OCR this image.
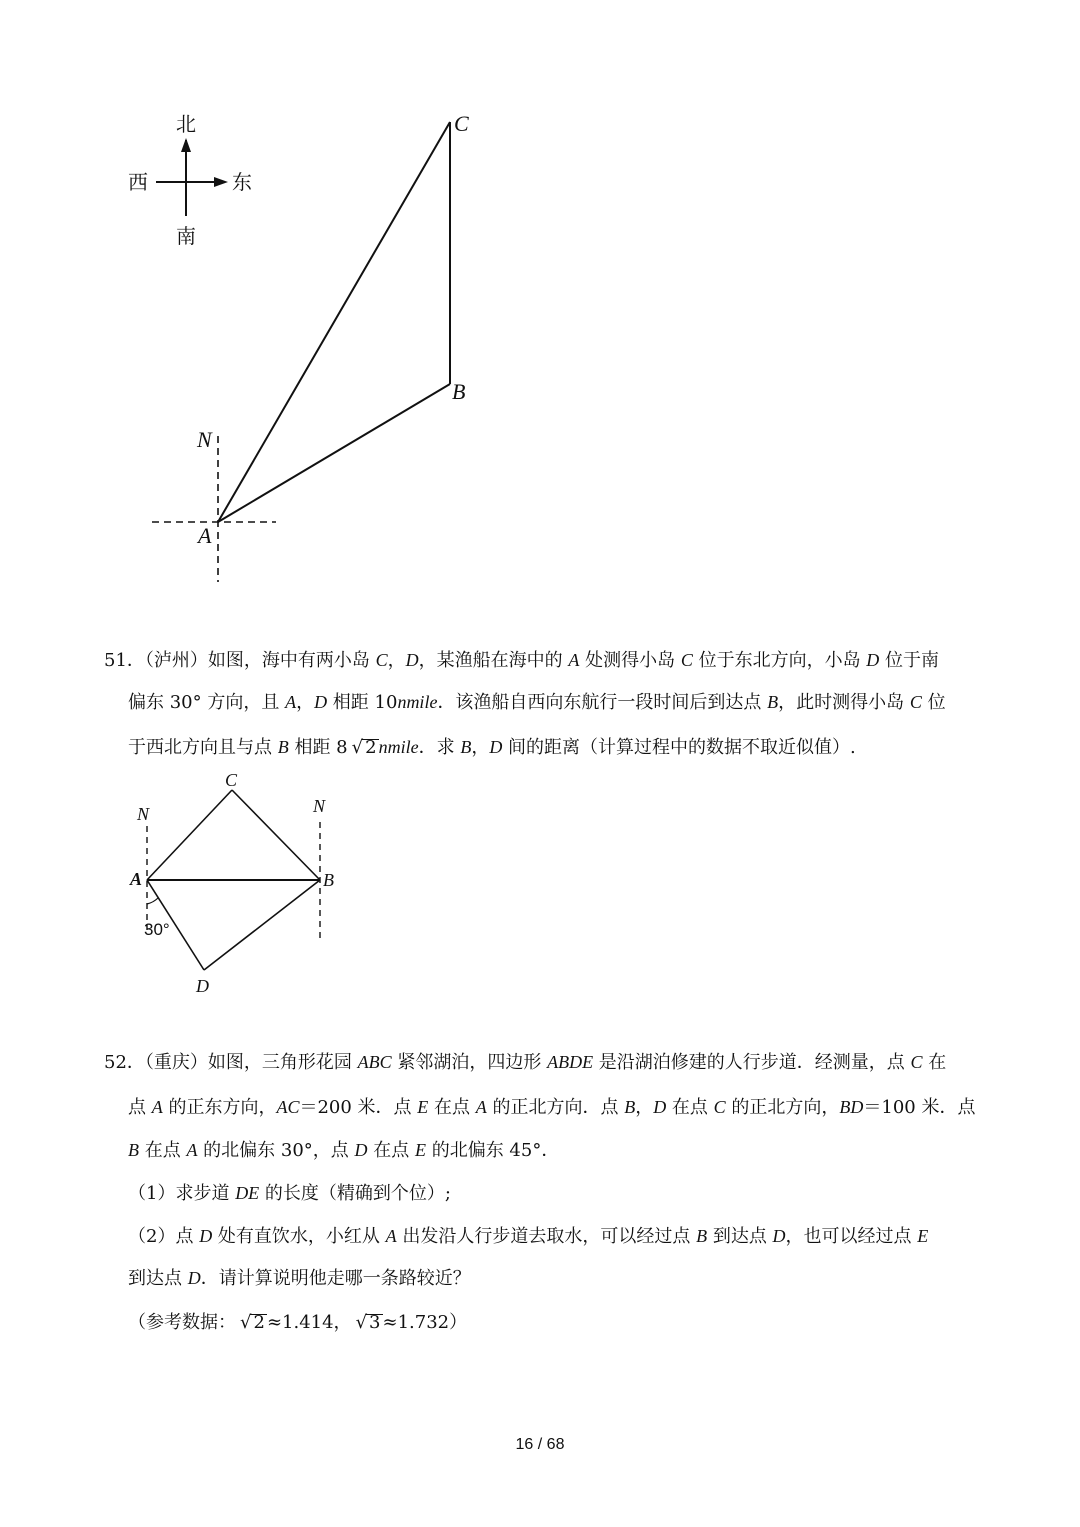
北
南
东
西
C
B
N
A
51．（泸州）如图，海中有两小岛 C，D，某渔船在海中的 A 处测得小岛 C 位于东北方向，小岛 D 位于南
偏东 30° 方向，且 A，D 相距 10nmile．该渔船自西向东航行一段时间后到达点 B，此时测得小岛 C 位
于西北方向且与点 B 相距 8 √ 2 nmile．求 B，D 间的距离（计算过程中的数据不取近似值）.
C
N	N
A	B
D
30°
52．（重庆）如图，三角形花园 ABC 紧邻湖泊，四边形 ABDE 是沿湖泊修建的人行步道．经测量，点 C 在
点 A 的正东方向，AC＝200 米．点 E 在点 A 的正北方向．点 B，D 在点 C 的正北方向，BD＝100 米．点
B 在点 A 的北偏东 30°，点 D 在点 E 的北偏东 45°．
（1）求步道 DE 的长度（精确到个位）;
（2）点 D 处有直饮水，小红从 A 出发沿人行步道去取水，可以经过点 B 到达点 D，也可以经过点 E
到达点 D．请计算说明他走哪一条路较近？
（参考数据： √ 2 ≈1.414， √ 3 ≈1.732）
16 / 68
